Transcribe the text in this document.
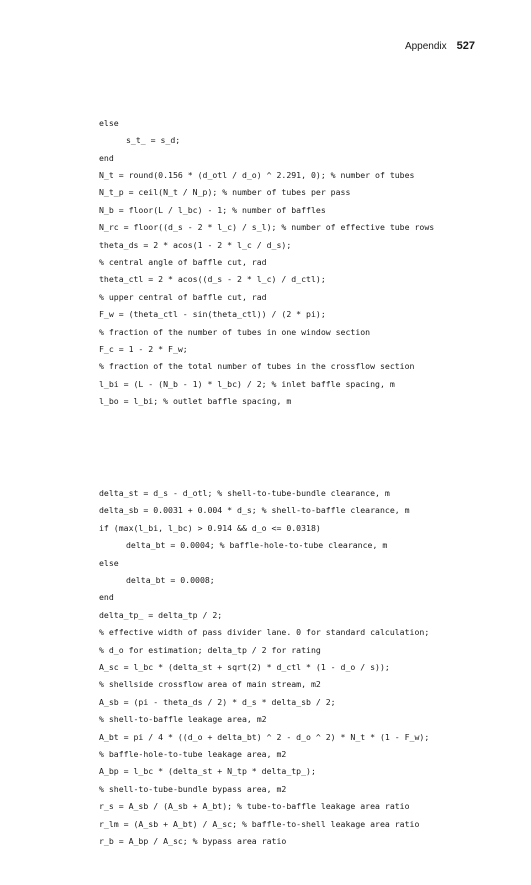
Appendix 527

else
s_t_ = s_d;
end
N_t = round(0.156 * (d_otl / d_o) ^ 2.291, 0); % number of tubes
N_t_p = ceil(N_t / N_p); % number of tubes per pass
N_b = floor(L / l_bc) - 1; % number of baffles
N_rc = floor((d_s - 2 * l_c) / s_l); % number of effective tube rows
theta_ds = 2 * acos(1 - 2 * l_c / d_s);
% central angle of baffle cut, rad
theta_ctl = 2 * acos((d_s - 2 * l_c) / d_ctl);
% upper central of baffle cut, rad
F_w = (theta_ctl - sin(theta_ctl)) / (2 * pi);
% fraction of the number of tubes in one window section
F_c = 1 - 2 * F_w;
% fraction of the total number of tubes in the crossflow section
l_bi = (L - (N_b - 1) * l_bc) / 2; % inlet baffle spacing, m
l_bo = l_bi; % outlet baffle spacing, m

delta_st = d_s - d_otl; % shell-to-tube-bundle clearance, m
delta_sb = 0.0031 + 0.004 * d_s; % shell-to-baffle clearance, m
if (max(l_bi, l_bc) > 0.914 && d_o <= 0.0318)
delta_bt = 0.0004; % baffle-hole-to-tube clearance, m
else
delta_bt = 0.0008;
end
delta_tp_ = delta_tp / 2;
% effective width of pass divider lane. 0 for standard calculation;
% d_o for estimation; delta_tp / 2 for rating
A_sc = l_bc * (delta_st + sqrt(2) * d_ctl * (1 - d_o / s));
% shellside crossflow area of main stream, m2
A_sb = (pi - theta_ds / 2) * d_s * delta_sb / 2;
% shell-to-baffle leakage area, m2
A_bt = pi / 4 * ((d_o + delta_bt) ^ 2 - d_o ^ 2) * N_t * (1 - F_w);
% baffle-hole-to-tube leakage area, m2
A_bp = l_bc * (delta_st + N_tp * delta_tp_);
% shell-to-tube-bundle bypass area, m2
r_s = A_sb / (A_sb + A_bt); % tube-to-baffle leakage area ratio
r_lm = (A_sb + A_bt) / A_sc; % baffle-to-shell leakage area ratio
r_b = A_bp / A_sc; % bypass area ratio
